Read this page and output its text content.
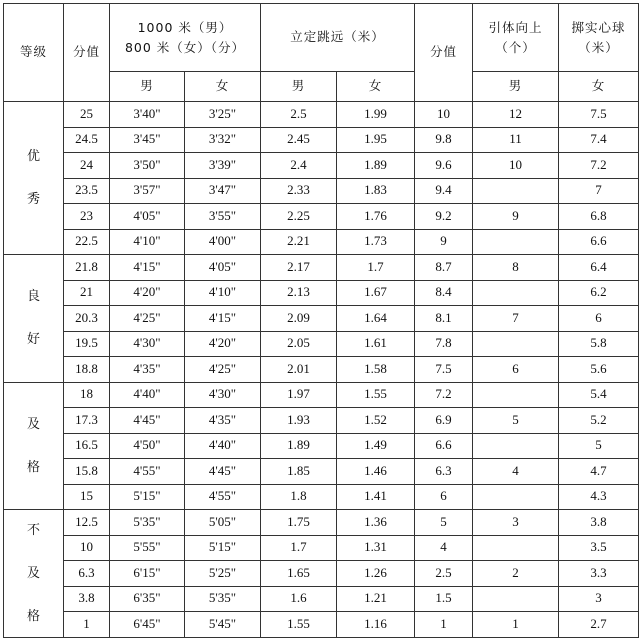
等级	分值	1000 米（男）
800 米（女）（分）		立定跳远（米）		分值	引体向上
（个）	掷实心球
（米）

		男	女	男	女		男	女

优
秀	25	3'40"	3'25"	2.5	1.99	10	12	7.5
	24.5	3'45"	3'32"	2.45	1.95	9.8	11	7.4
	24	3'50"	3'39"	2.4	1.89	9.6	10	7.2
	23.5	3'57"	3'47"	2.33	1.83	9.4		7
	23	4'05"	3'55"	2.25	1.76	9.2	9	6.8
	22.5	4'10"	4'00"	2.21	1.73	9		6.6

良
好	21.8	4'15"	4'05"	2.17	1.7	8.7	8	6.4
	21	4'20"	4'10"	2.13	1.67	8.4		6.2
	20.3	4'25"	4'15"	2.09	1.64	8.1	7	6
	19.5	4'30"	4'20"	2.05	1.61	7.8		5.8
	18.8	4'35"	4'25"	2.01	1.58	7.5	6	5.6

及
格	18	4'40"	4'30"	1.97	1.55	7.2		5.4
	17.3	4'45"	4'35"	1.93	1.52	6.9	5	5.2
	16.5	4'50"	4'40"	1.89	1.49	6.6		5
	15.8	4'55"	4'45"	1.85	1.46	6.3	4	4.7
	15	5'15"	4'55"	1.8	1.41	6		4.3

不
及
格	12.5	5'35"	5'05"	1.75	1.36	5	3	3.8
	10	5'55"	5'15"	1.7	1.31	4		3.5
	6.3	6'15"	5'25"	1.65	1.26	2.5	2	3.3
	3.8	6'35"	5'35"	1.6	1.21	1.5		3
	1	6'45"	5'45"	1.55	1.16	1	1	2.7
